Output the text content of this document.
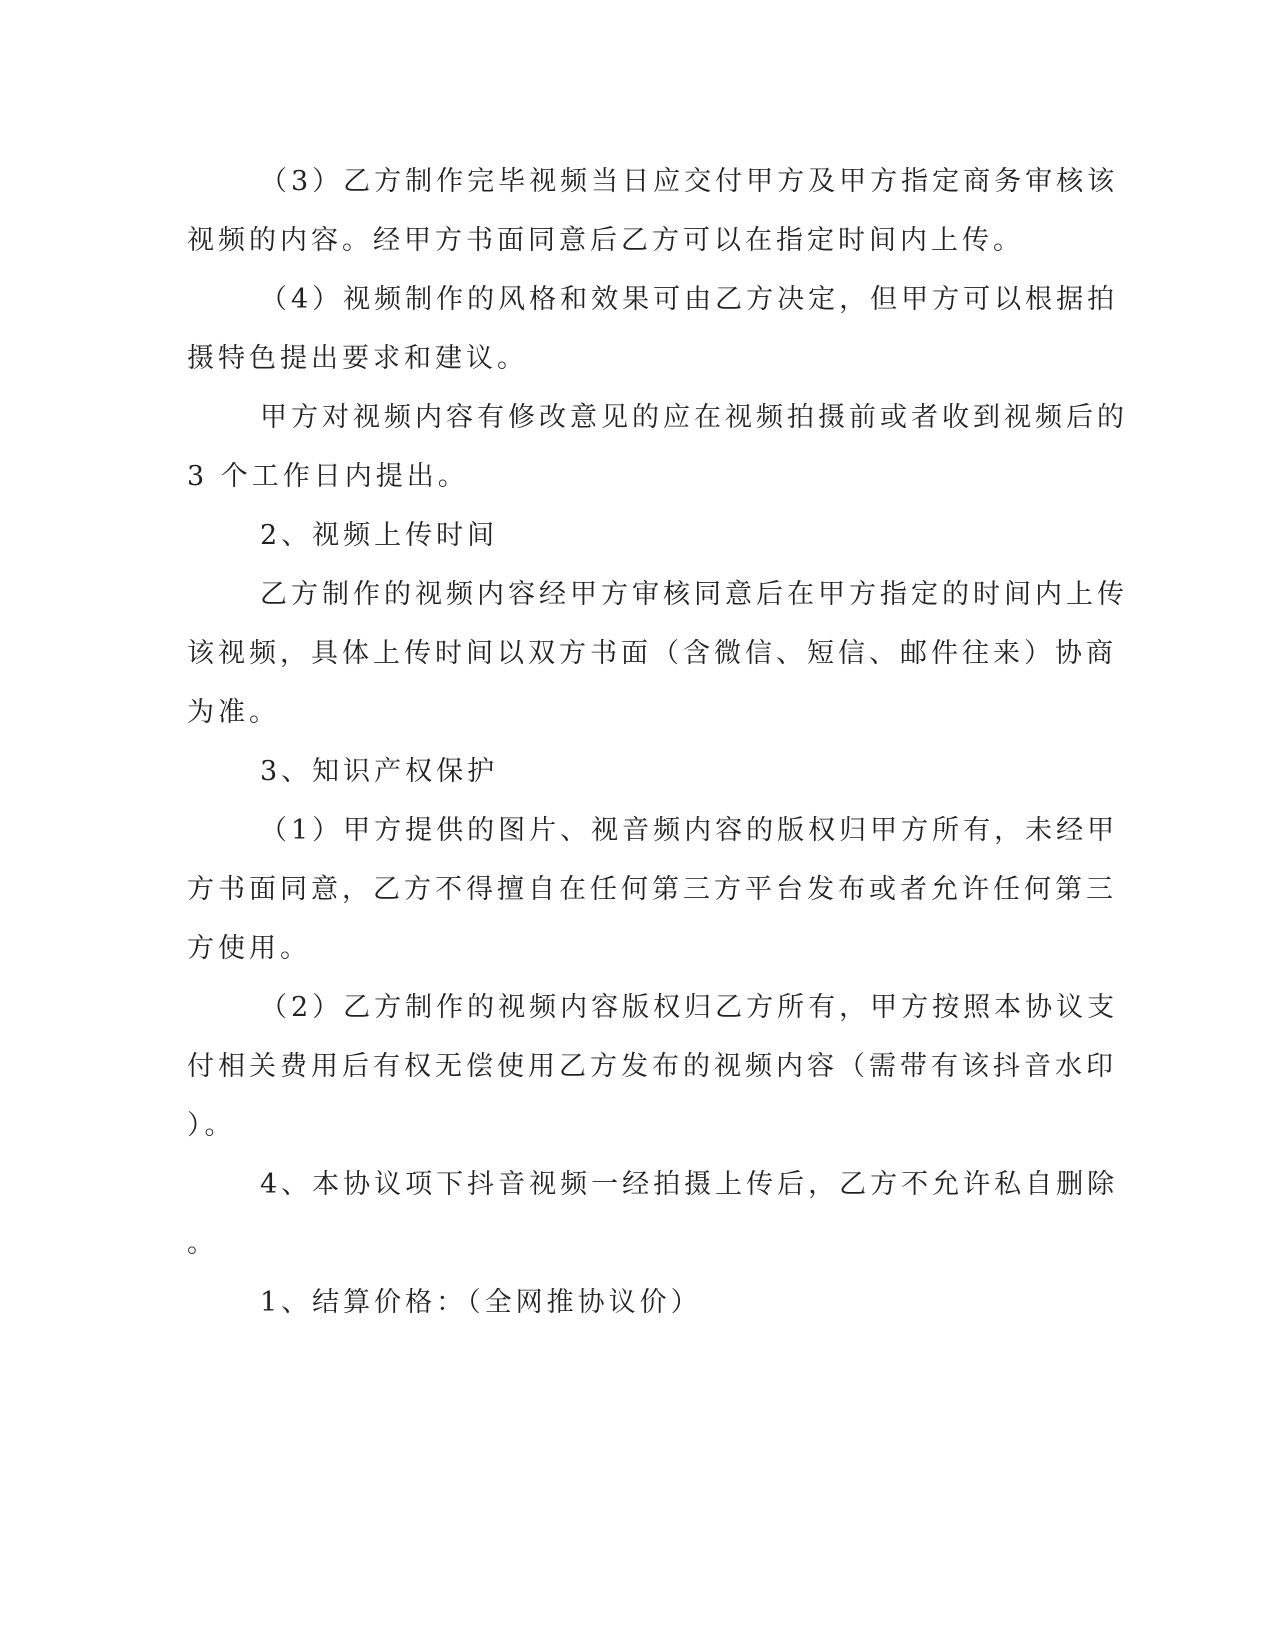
（3）乙方制作完毕视频当日应交付甲方及甲方指定商务审核该
视频的内容。经甲方书面同意后乙方可以在指定时间内上传。
（4）视频制作的风格和效果可由乙方决定，但甲方可以根据拍
摄特色提出要求和建议。
甲方对视频内容有修改意见的应在视频拍摄前或者收到视频后的
3 个工作日内提出。
2、视频上传时间
乙方制作的视频内容经甲方审核同意后在甲方指定的时间内上传
该视频，具体上传时间以双方书面（含微信、短信、邮件往来）协商
为准。
3、知识产权保护
（1）甲方提供的图片、视音频内容的版权归甲方所有，未经甲
方书面同意，乙方不得擅自在任何第三方平台发布或者允许任何第三
方使用。
（2）乙方制作的视频内容版权归乙方所有，甲方按照本协议支
付相关费用后有权无偿使用乙方发布的视频内容（需带有该抖音水印
）。
4、本协议项下抖音视频一经拍摄上传后，乙方不允许私自删除
。
1、结算价格：（全网推协议价）
